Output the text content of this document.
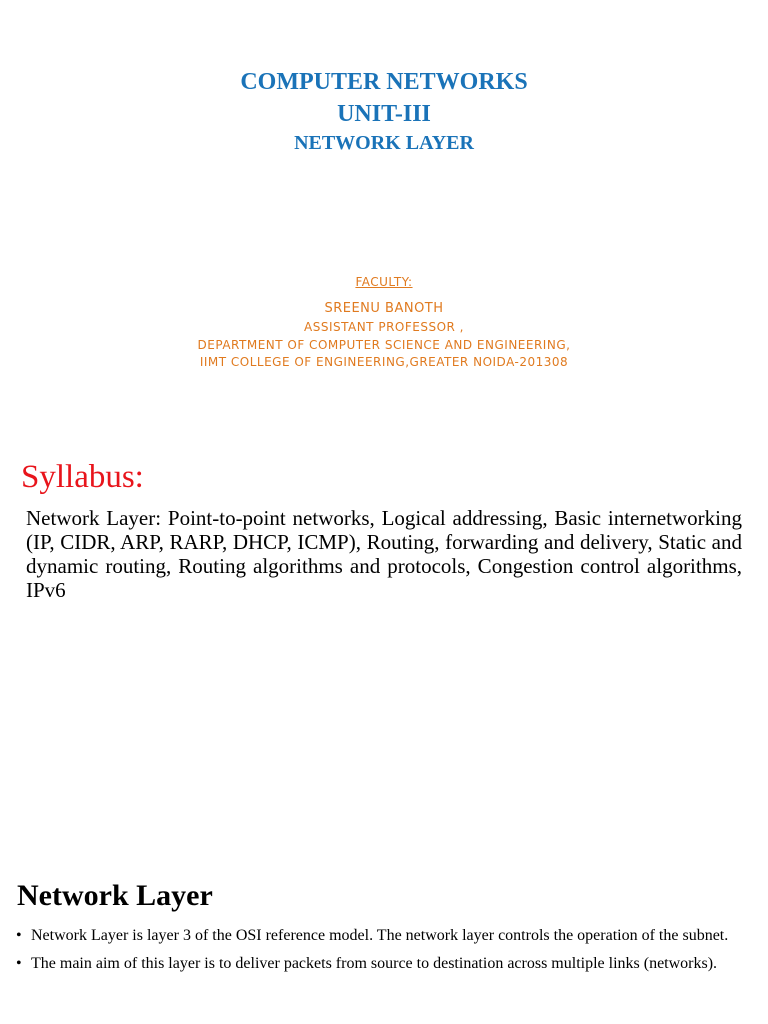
COMPUTER NETWORKS
UNIT-III
NETWORK LAYER
FACULTY:
SREENU BANOTH
ASSISTANT PROFESSOR ,
DEPARTMENT OF COMPUTER SCIENCE AND ENGINEERING,
IIMT COLLEGE OF ENGINEERING,GREATER NOIDA-201308
Syllabus:
Network Layer: Point-to-point networks, Logical addressing, Basic internetworking (IP, CIDR, ARP, RARP, DHCP, ICMP), Routing, forwarding and delivery, Static and dynamic routing, Routing algorithms and protocols, Congestion control algorithms, IPv6
Network Layer
• Network Layer is layer 3 of the OSI reference model. The network layer controls the operation of the subnet.
• The main aim of this layer is to deliver packets from source to destination across multiple links (networks).
